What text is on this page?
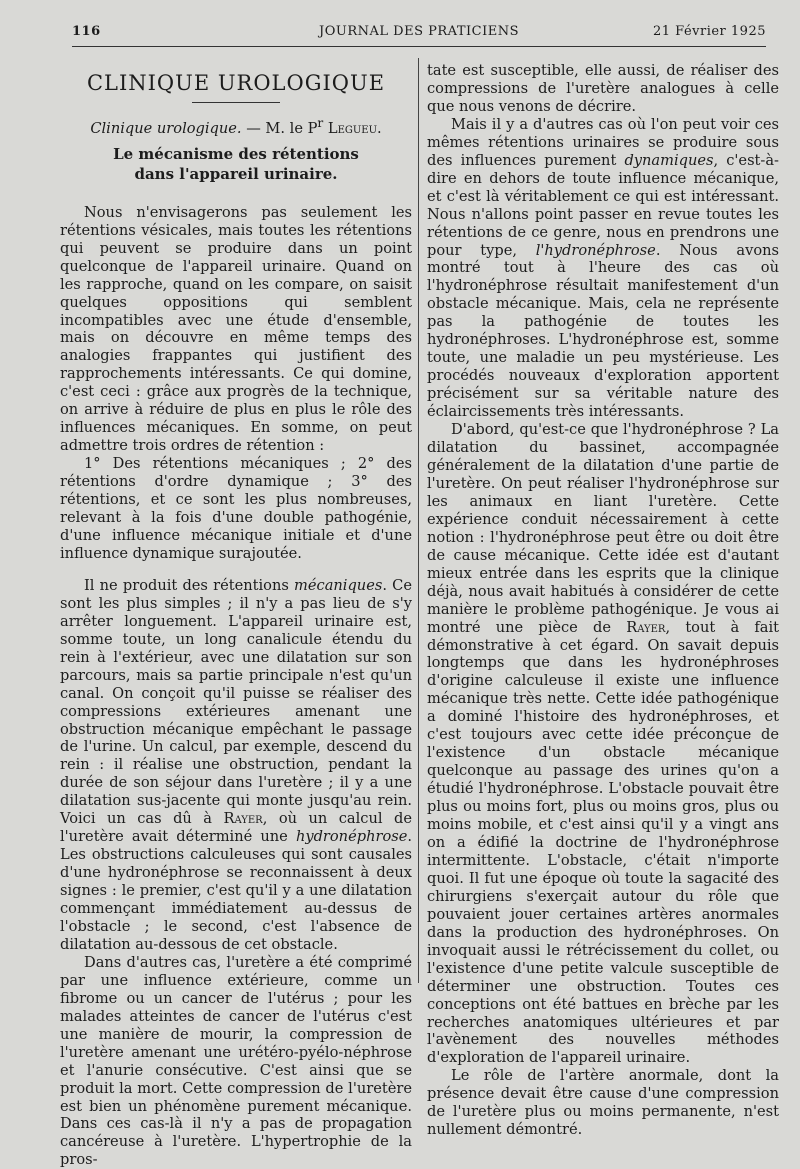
116	JOURNAL DES PRATICIENS	21 Février 1925
CLINIQUE UROLOGIQUE
Clinique urologique. — M. le $P^r$ Legueu.
Le mécanisme des rétentions
dans l'appareil urinaire.

Nous n'envisagerons pas seulement les rétentions vésicales, mais toutes les rétentions qui peuvent se produire dans un point quelconque de l'appareil urinaire. Quand on les rapproche, quand on les compare, on saisit quelques oppositions qui semblent incompatibles avec une étude d'ensemble, mais on découvre en même temps des analogies frappantes qui justifient des rapprochements intéressants. Ce qui domine, c'est ceci : grâce aux progrès de la technique, on arrive à réduire de plus en plus le rôle des influences mécaniques. En somme, on peut admettre trois ordres de rétention :

1° Des rétentions mécaniques ; 2° des rétentions d'ordre dynamique ; 3° des rétentions, et ce sont les plus nombreuses, relevant à la fois d'une double pathogénie, d'une influence mécanique initiale et d'une influence dynamique surajoutée.

Il ne produit des rétentions mécaniques. Ce sont les plus simples ; il n'y a pas lieu de s'y arrêter longuement. L'appareil urinaire est, somme toute, un long canalicule étendu du rein à l'extérieur, avec une dilatation sur son parcours, mais sa partie principale n'est qu'un canal. On conçoit qu'il puisse se réaliser des compressions extérieures amenant une obstruction mécanique empêchant le passage de l'urine. Un calcul, par exemple, descend du rein : il réalise une obstruction, pendant la durée de son séjour dans l'uretère ; il y a une dilatation sus-jacente qui monte jusqu'au rein. Voici un cas dû à Rayer, où un calcul de l'uretère avait déterminé une hydronéphrose. Les obstructions calculeuses qui sont causales d'une hydronéphrose se reconnaissent à deux signes : le premier, c'est qu'il y a une dilatation commençant immédiatement au-dessus de l'obstacle ; le second, c'est l'absence de dilatation au-dessous de cet obstacle.

Dans d'autres cas, l'uretère a été comprimé par une influence extérieure, comme un fibrome ou un cancer de l'utérus ; pour les malades atteintes de cancer de l'utérus c'est une manière de mourir, la compression de l'uretère amenant une urétéro-pyélo-néphrose et l'anurie consécutive. C'est ainsi que se produit la mort. Cette compression de l'uretère est bien un phénomène purement mécanique. Dans ces cas-là il n'y a pas de propagation cancéreuse à l'uretère. L'hypertrophie de la pros-

tate est susceptible, elle aussi, de réaliser des compressions de l'uretère analogues à celle que nous venons de décrire.

Mais il y a d'autres cas où l'on peut voir ces mêmes rétentions urinaires se produire sous des influences purement dynamiques, c'est-à-dire en dehors de toute influence mécanique, et c'est là véritablement ce qui est intéressant. Nous n'allons point passer en revue toutes les rétentions de ce genre, nous en prendrons une pour type, l'hydronéphrose. Nous avons montré tout à l'heure des cas où l'hydronéphrose résultait manifestement d'un obstacle mécanique. Mais, cela ne représente pas la pathogénie de toutes les hydronéphroses. L'hydronéphrose est, somme toute, une maladie un peu mystérieuse. Les procédés nouveaux d'exploration apportent précisément sur sa véritable nature des éclaircissements très intéressants.

D'abord, qu'est-ce que l'hydronéphrose ? La dilatation du bassinet, accompagnée généralement de la dilatation d'une partie de l'uretère. On peut réaliser l'hydronéphrose sur les animaux en liant l'uretère. Cette expérience conduit nécessairement à cette notion : l'hydronéphrose peut être ou doit être de cause mécanique. Cette idée est d'autant mieux entrée dans les esprits que la clinique déjà, nous avait habitués à considérer de cette manière le problème pathogénique. Je vous ai montré une pièce de Rayer, tout à fait démonstrative à cet égard. On savait depuis longtemps que dans les hydronéphroses d'origine calculeuse il existe une influence mécanique très nette. Cette idée pathogénique a dominé l'histoire des hydronéphroses, et c'est toujours avec cette idée préconçue de l'existence d'un obstacle mécanique quelconque au passage des urines qu'on a étudié l'hydronéphrose. L'obstacle pouvait être plus ou moins fort, plus ou moins gros, plus ou moins mobile, et c'est ainsi qu'il y a vingt ans on a édifié la doctrine de l'hydronéphrose intermittente. L'obstacle, c'était n'importe quoi. Il fut une époque où toute la sagacité des chirurgiens s'exerçait autour du rôle que pouvaient jouer certaines artères anormales dans la production des hydronéphroses. On invoquait aussi le rétrécissement du collet, ou l'existence d'une petite valcule susceptible de déterminer une obstruction. Toutes ces conceptions ont été battues en brèche par les recherches anatomiques ultérieures et par l'avènement des nouvelles méthodes d'exploration de l'appareil urinaire.

Le rôle de l'artère anormale, dont la présence devait être cause d'une compression de l'uretère plus ou moins permanente, n'est nullement démontré.
